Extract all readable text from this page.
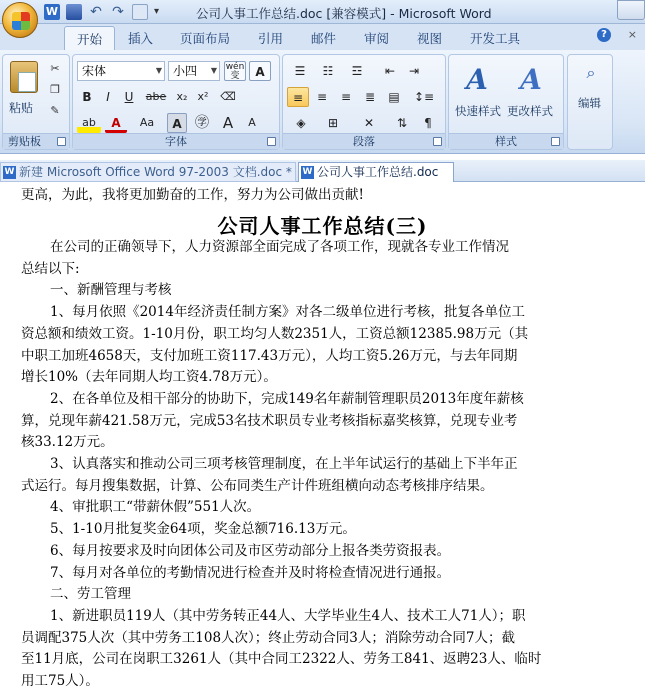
W ↶ ↷	▾	公司人事工作总结.doc [兼容模式] - Microsoft Word
开始	插入 页面布局 引用 邮件 审阅 视图 开发工具	?	×
粘贴
✂
❐
✎
剪贴板
宋体	▼ 小四 ▼ wén
变	A
B	I	U	abe x₂ x²	⌫
ab	A	Aa	A ㊫ A	A
字体
☰	☷	☲	⇤	⇥
≡	≡	≡	≣	▤	↕≡
◈	⊞	✕	⇅	¶
段落
A	A
快速样式 更改样式
样式
⌕
编辑
W 新建 Microsoft Office Word 97-2003 文档.doc *	W 公司人事工作总结.doc
更高，为此，我将更加勤奋的工作，努力为公司做出贡献!
公司人事工作总结(三)
在公司的正确领导下，人力资源部全面完成了各项工作，现就各专业工作情况
总结以下:
一、新酬管理与考核
1、每月依照《2014年经济责任制方案》对各二级单位进行考核，批复各单位工
资总额和绩效工资。1-10月份，职工均匀人数2351人，工资总额12385.98万元（其
中职工加班4658天，支付加班工资117.43万元），人均工资5.26万元，与去年同期
增长10%（去年同期人均工资4.78万元）。
2、在各单位及相干部分的协助下，完成149名年薪制管理职员2013年度年薪核
算，兑现年薪421.58万元，完成53名技术职员专业考核指标嘉奖核算，兑现专业考
核33.12万元。
3、认真落实和推动公司三项考核管理制度，在上半年试运行的基础上下半年正
式运行。每月搜集数据，计算、公布同类生产计件班组横向动态考核排序结果。
4、审批职工“带薪休假”551人次。
5、1-10月批复奖金64项，奖金总额716.13万元。
6、每月按要求及时向团体公司及市区劳动部分上报各类劳资报表。
7、每月对各单位的考勤情况进行检查并及时将检查情况进行通报。
二、劳工管理
1、新进职员119人（其中劳务转正44人、大学毕业生4人、技术工人71人）；职
员调配375人次（其中劳务工108人次）；终止劳动合同3人；消除劳动合同7人；截
至11月底，公司在岗职工3261人（其中合同工2322人、劳务工841、返聘23人、临时
用工75人）。
